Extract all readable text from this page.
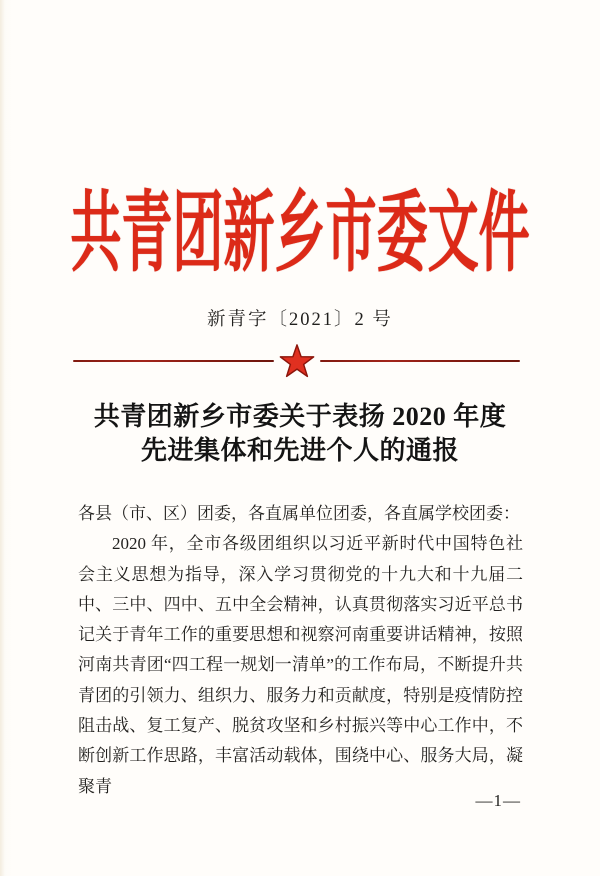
共青团新乡市委文件
新青字〔2021〕2 号
共青团新乡市委关于表扬 2020 年度
先进集体和先进个人的通报

各县（市、区）团委，各直属单位团委，各直属学校团委：

2020 年，全市各级团组织以习近平新时代中国特色社会主义思想为指导，深入学习贯彻党的十九大和十九届二中、三中、四中、五中全会精神，认真贯彻落实习近平总书记关于青年工作的重要思想和视察河南重要讲话精神，按照河南共青团“四工程一规划一清单”的工作布局，不断提升共青团的引领力、组织力、服务力和贡献度，特别是疫情防控阻击战、复工复产、脱贫攻坚和乡村振兴等中心工作中，不断创新工作思路，丰富活动载体，围绕中心、服务大局，凝聚青

—1—
